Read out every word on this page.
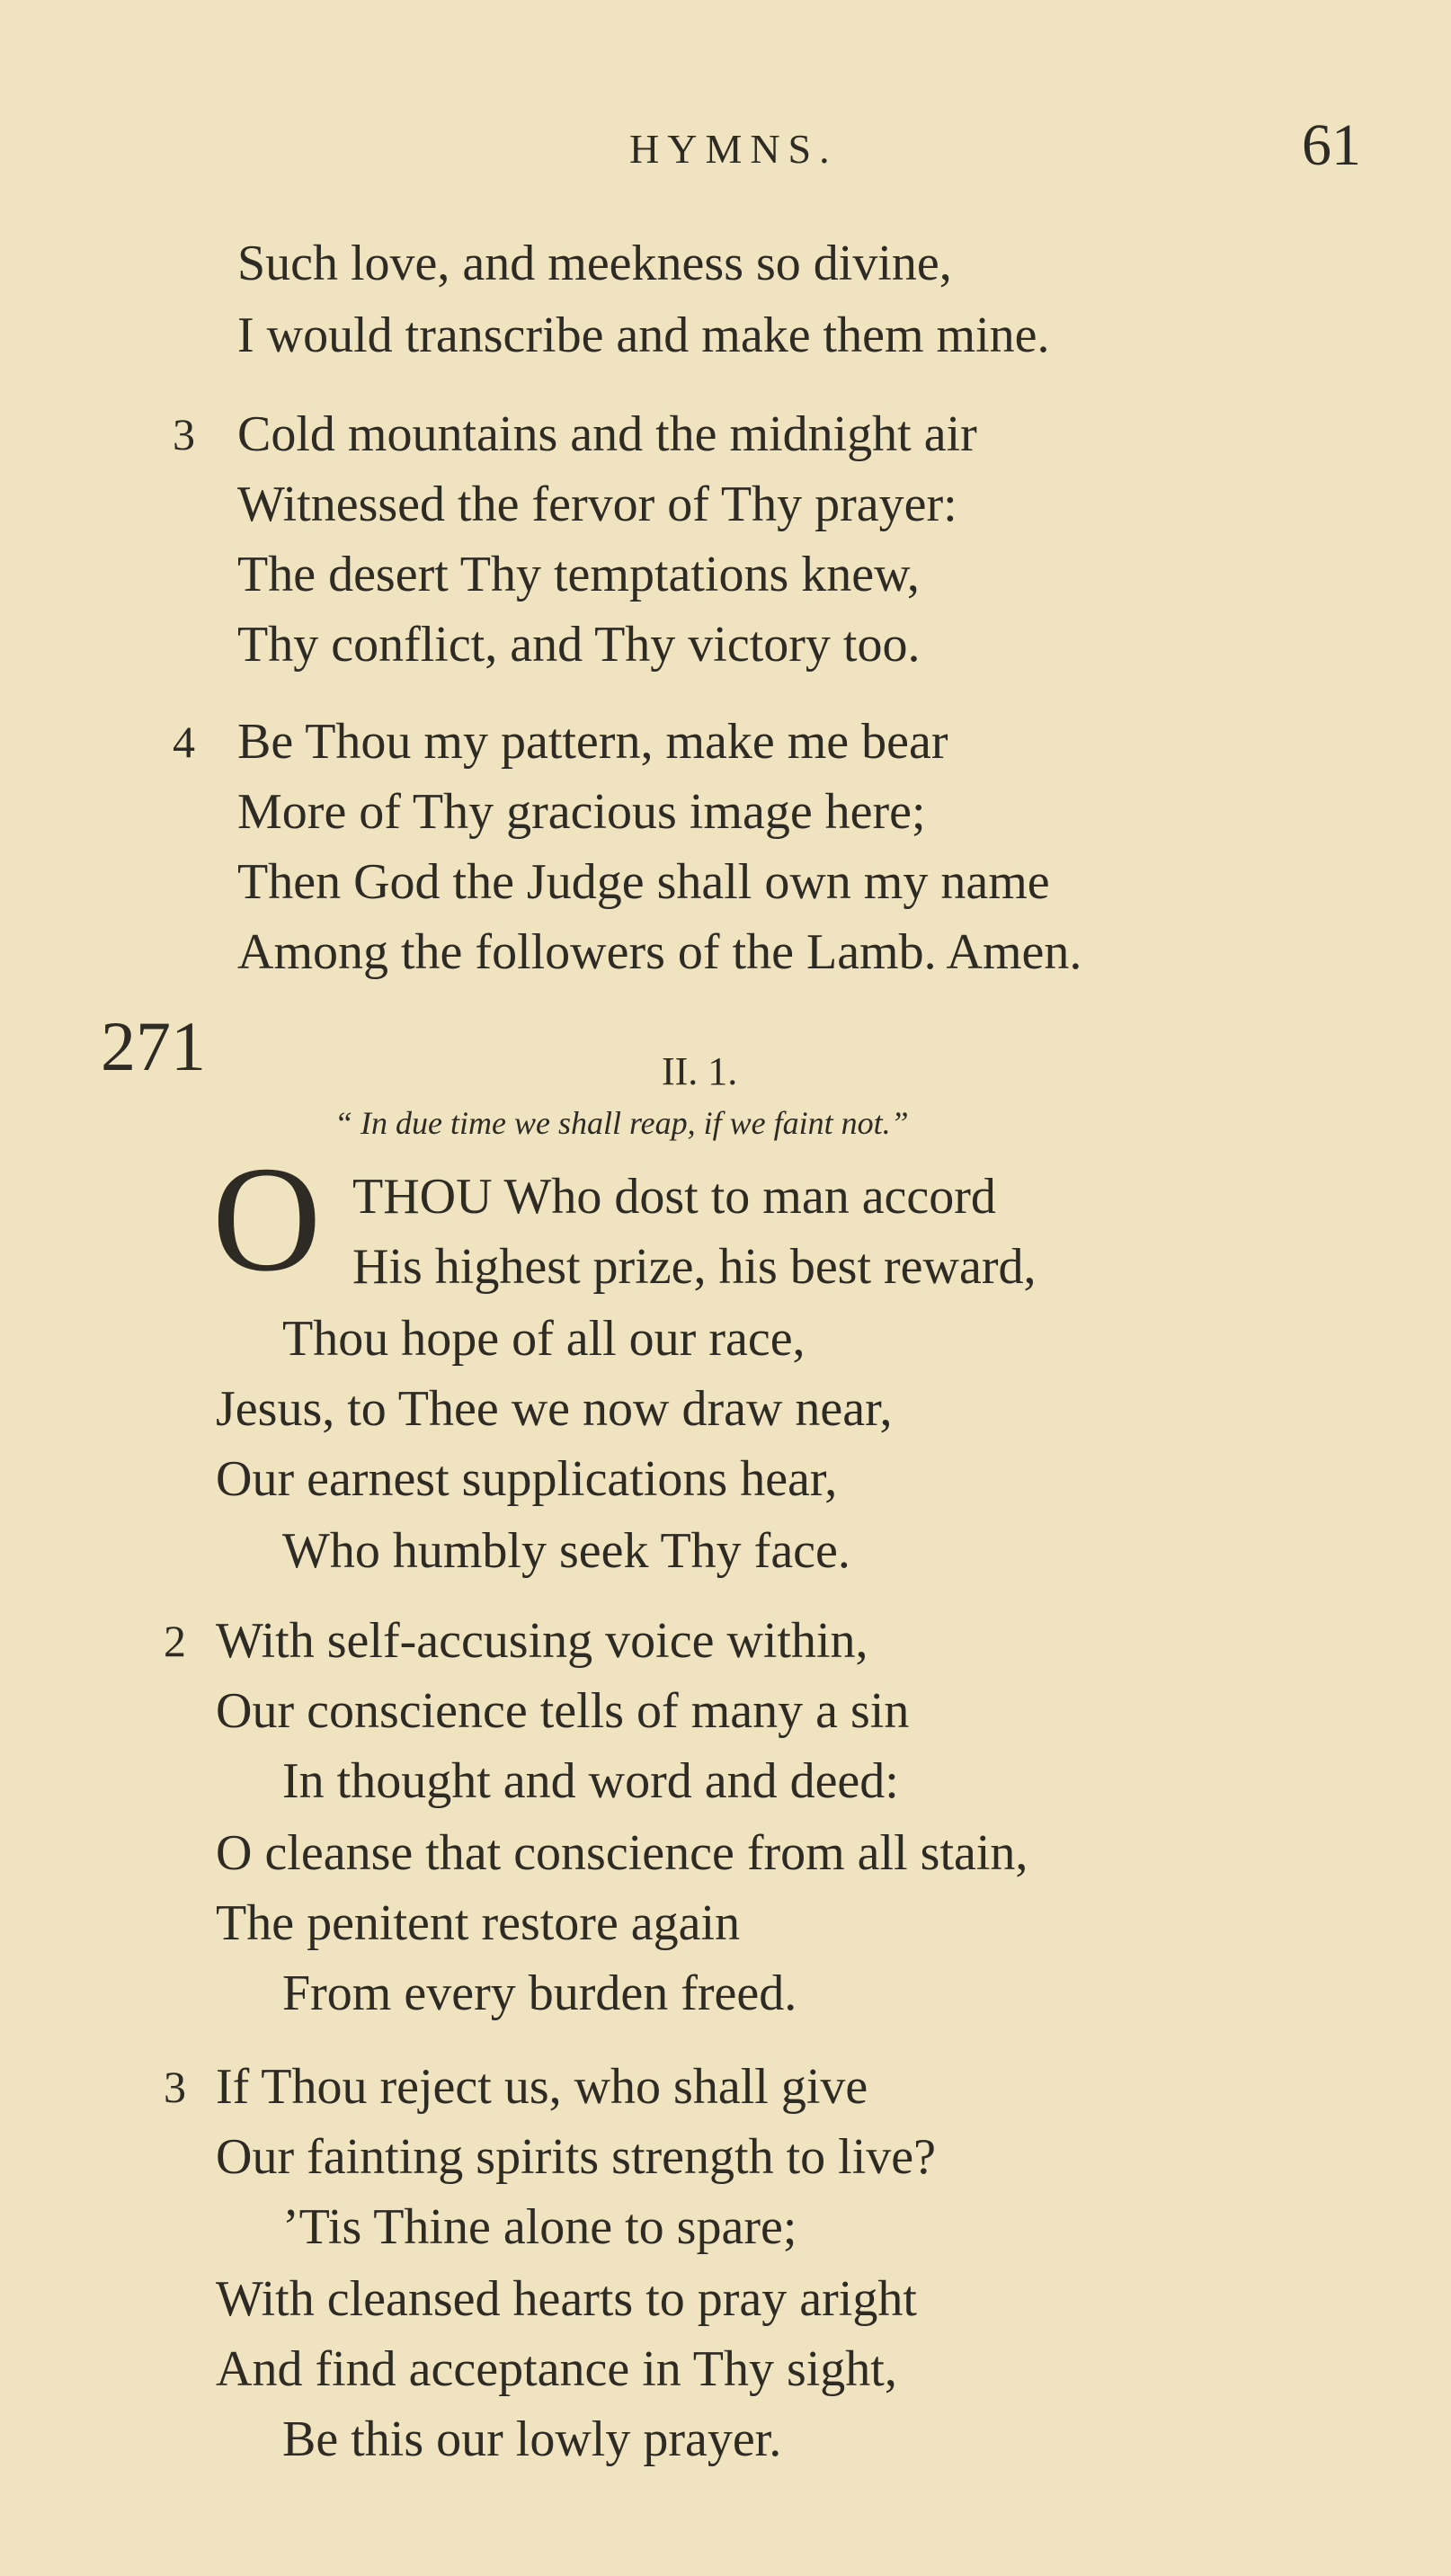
HYMNS.	61
Such love, and meekness so divine,
I would transcribe and make them mine.
3 Cold mountains and the midnight air
Witnessed the fervor of Thy prayer:
The desert Thy temptations knew,
Thy conflict, and Thy victory too.
4 Be Thou my pattern, make me bear
More of Thy gracious image here;
Then God the Judge shall own my name
Among the followers of the Lamb. Amen.
271	II. 1.
“ In due time we shall reap, if we faint not.”
O THOU Who dost to man accord
His highest prize, his best reward,
Thou hope of all our race,
Jesus, to Thee we now draw near,
Our earnest supplications hear,
Who humbly seek Thy face.
2 With self-accusing voice within,
Our conscience tells of many a sin
In thought and word and deed:
O cleanse that conscience from all stain,
The penitent restore again
From every burden freed.
3 If Thou reject us, who shall give
Our fainting spirits strength to live?
’Tis Thine alone to spare;
With cleansed hearts to pray aright
And find acceptance in Thy sight,
Be this our lowly prayer.
